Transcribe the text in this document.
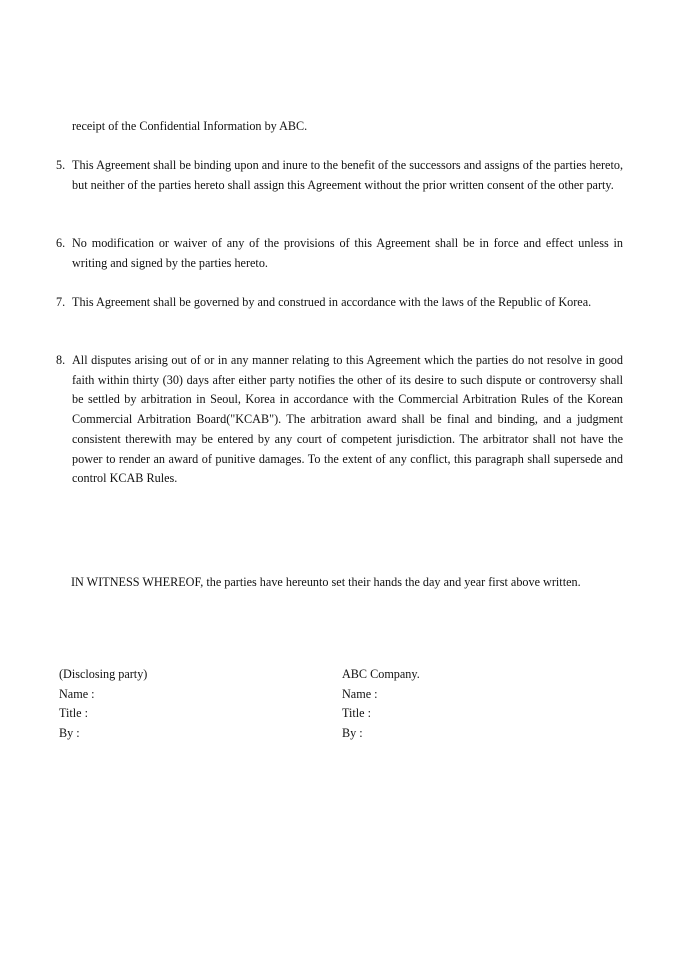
receipt of the Confidential Information by ABC.
5. This Agreement shall be binding upon and inure to the benefit of the successors and assigns of the parties hereto, but neither of the parties hereto shall assign this Agreement without the prior written consent of the other party.
6. No modification or waiver of any of the provisions of this Agreement shall be in force and effect unless in writing and signed by the parties hereto.
7. This Agreement shall be governed by and construed in accordance with the laws of the Republic of Korea.
8. All disputes arising out of or in any manner relating to this Agreement which the parties do not resolve in good faith within thirty (30) days after either party notifies the other of its desire to such dispute or controversy shall be settled by arbitration in Seoul, Korea in accordance with the Commercial Arbitration Rules of the Korean Commercial Arbitration Board("KCAB"). The arbitration award shall be final and binding, and a judgment consistent therewith may be entered by any court of competent jurisdiction. The arbitrator shall not have the power to render an award of punitive damages. To the extent of any conflict, this paragraph shall supersede and control KCAB Rules.
IN WITNESS WHEREOF, the parties have hereunto set their hands the day and year first above written.
(Disclosing party)
Name :
Title :
By :
ABC Company.
Name :
Title :
By :
